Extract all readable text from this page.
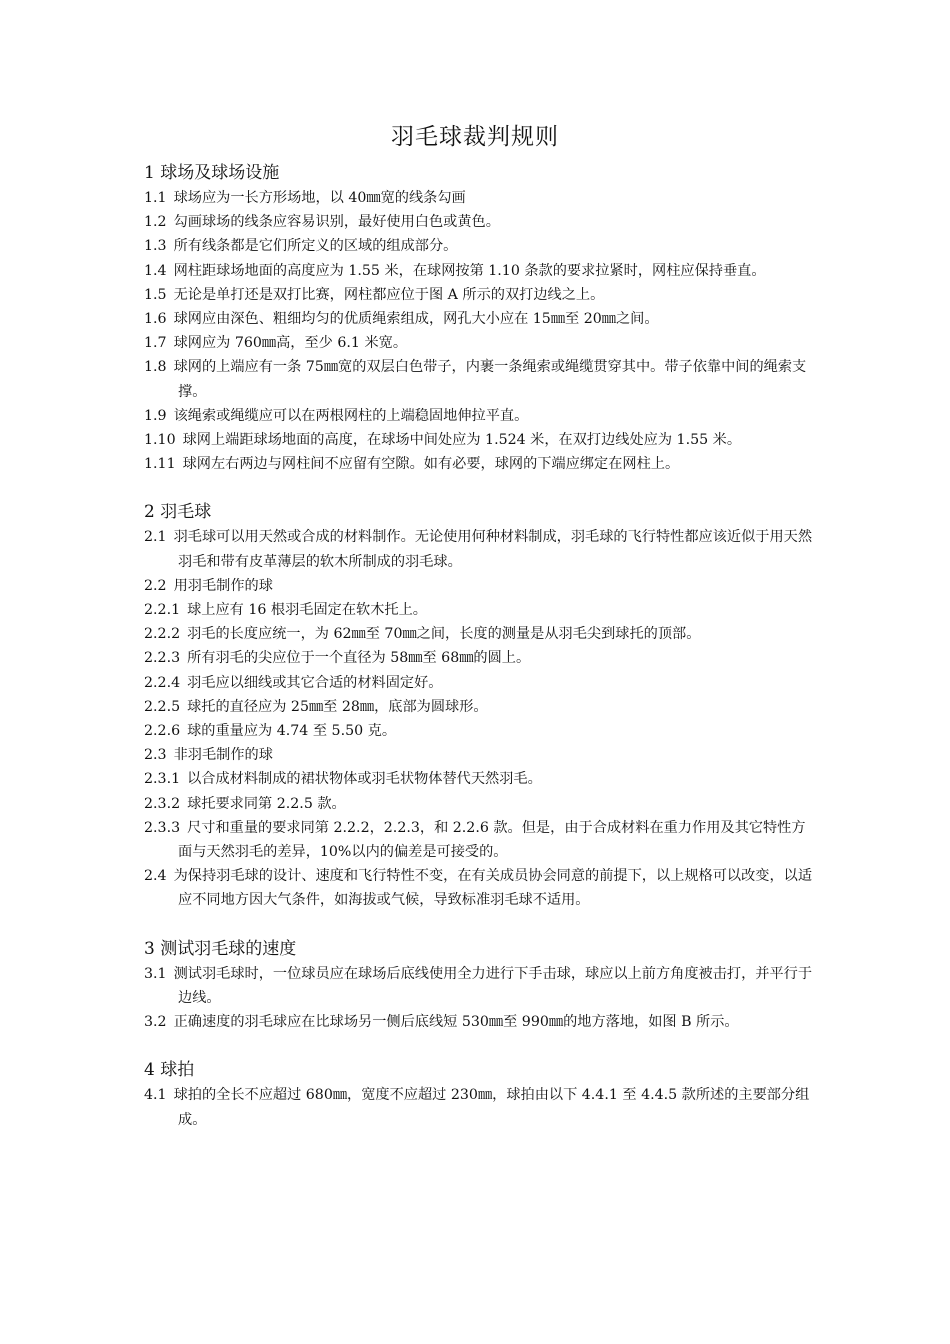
羽毛球裁判规则

1 球场及球场设施

1.1 球场应为一长方形场地，以 40㎜宽的线条勾画

1.2 勾画球场的线条应容易识别，最好使用白色或黄色。

1.3 所有线条都是它们所定义的区域的组成部分。

1.4 网柱距球场地面的高度应为 1.55 米，在球网按第 1.10 条款的要求拉紧时，网柱应保持垂直。

1.5 无论是单打还是双打比赛，网柱都应位于图 A 所示的双打边线之上。

1.6 球网应由深色、粗细均匀的优质绳索组成，网孔大小应在 15㎜至 20㎜之间。

1.7 球网应为 760㎜高，至少 6.1 米宽。

1.8 球网的上端应有一条 75㎜宽的双层白色带子，内裹一条绳索或绳缆贯穿其中。带子依靠中间的绳索支撑。

1.9 该绳索或绳缆应可以在两根网柱的上端稳固地伸拉平直。

1.10 球网上端距球场地面的高度，在球场中间处应为 1.524 米，在双打边线处应为 1.55 米。

1.11 球网左右两边与网柱间不应留有空隙。如有必要，球网的下端应绑定在网柱上。

2 羽毛球

2.1 羽毛球可以用天然或合成的材料制作。无论使用何种材料制成，羽毛球的飞行特性都应该近似于用天然羽毛和带有皮革薄层的软木所制成的羽毛球。

2.2 用羽毛制作的球

2.2.1 球上应有 16 根羽毛固定在软木托上。

2.2.2 羽毛的长度应统一，为 62㎜至 70㎜之间，长度的测量是从羽毛尖到球托的顶部。

2.2.3 所有羽毛的尖应位于一个直径为 58㎜至 68㎜的圆上。

2.2.4 羽毛应以细线或其它合适的材料固定好。

2.2.5 球托的直径应为 25㎜至 28㎜，底部为圆球形。

2.2.6 球的重量应为 4.74 至 5.50 克。

2.3 非羽毛制作的球

2.3.1 以合成材料制成的裙状物体或羽毛状物体替代天然羽毛。

2.3.2 球托要求同第 2.2.5 款。

2.3.3 尺寸和重量的要求同第 2.2.2，2.2.3，和 2.2.6 款。但是，由于合成材料在重力作用及其它特性方面与天然羽毛的差异，10%以内的偏差是可接受的。

2.4 为保持羽毛球的设计、速度和飞行特性不变，在有关成员协会同意的前提下，以上规格可以改变，以适应不同地方因大气条件，如海拔或气候，导致标准羽毛球不适用。

3 测试羽毛球的速度

3.1 测试羽毛球时，一位球员应在球场后底线使用全力进行下手击球，球应以上前方角度被击打，并平行于边线。

3.2 正确速度的羽毛球应在比球场另一侧后底线短 530㎜至 990㎜的地方落地，如图 B 所示。

4 球拍

4.1 球拍的全长不应超过 680㎜，宽度不应超过 230㎜，球拍由以下 4.4.1 至 4.4.5 款所述的主要部分组成。
